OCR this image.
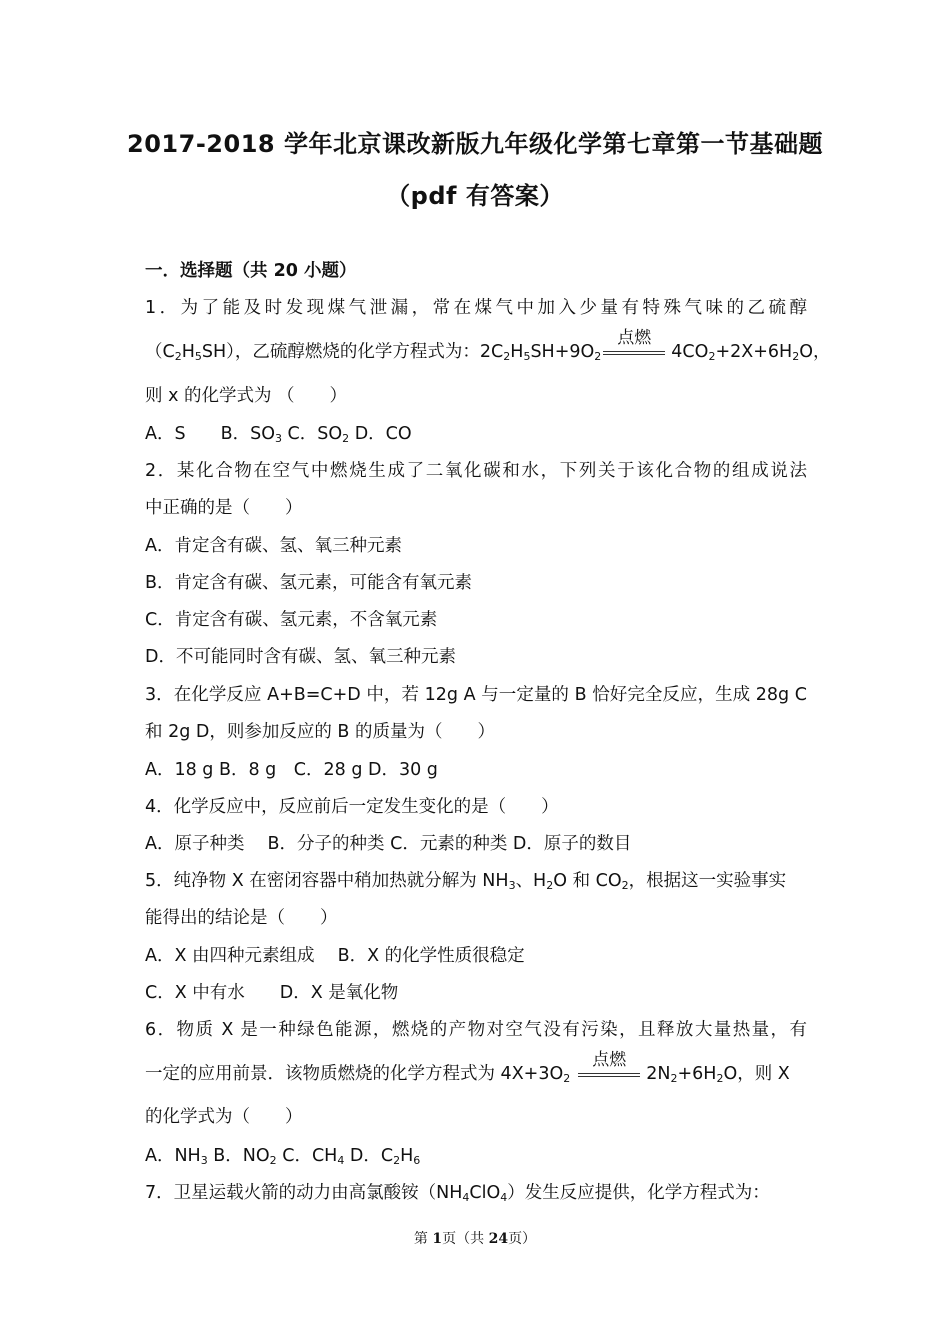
2017-2018 学年北京课改新版九年级化学第七章第一节基础题
（pdf 有答案）
一．选择题（共 20 小题）
1．为了能及时发现煤气泄漏，常在煤气中加入少量有特殊气味的乙硫醇
$(C_2H_5SH)$，乙硫醇燃烧的化学方程式为：$2C_2H_5SH+9O_2$
点燃
$4CO_2+2X+6H_2O$，
则 x 的化学式为 （　　）
A．S　　B．$SO_3$ C．$SO_2$ D．CO
2．某化合物在空气中燃烧生成了二氧化碳和水，下列关于该化合物的组成说法
中正确的是（　　）
A．肯定含有碳、氢、氧三种元素
B．肯定含有碳、氢元素，可能含有氧元素
C．肯定含有碳、氢元素，不含氧元素
D．不可能同时含有碳、氢、氧三种元素
3．在化学反应 A+B=C+D 中，若 12g A 与一定量的 B 恰好完全反应，生成 28g C
和 2g D，则参加反应的 B 的质量为（　　）
A．18 g B．8 g　C．28 g D．30 g
4．化学反应中，反应前后一定发生变化的是（　　）
A．原子种类　 B．分子的种类 C．元素的种类 D．原子的数目
5．纯净物 X 在密闭容器中稍加热就分解为 $NH_3$、$H_2O$ 和 $CO_2$，根据这一实验事实
能得出的结论是（　　）
A．X 由四种元素组成　 B．X 的化学性质很稳定
C．X 中有水　　D．X 是氧化物
6．物质 X 是一种绿色能源，燃烧的产物对空气没有污染，且释放大量热量，有
一定的应用前景．该物质燃烧的化学方程式为 $4X+3O_2$
点燃
$2N_2+6H_2O$，则 X
的化学式为（　　）
A．$NH_3$ B．$NO_2$ C．$CH_4$ D．$C_2H_6$
7．卫星运载火箭的动力由高氯酸铵$(NH_4ClO_4)$发生反应提供，化学方程式为：
第 1页（共 24页）
